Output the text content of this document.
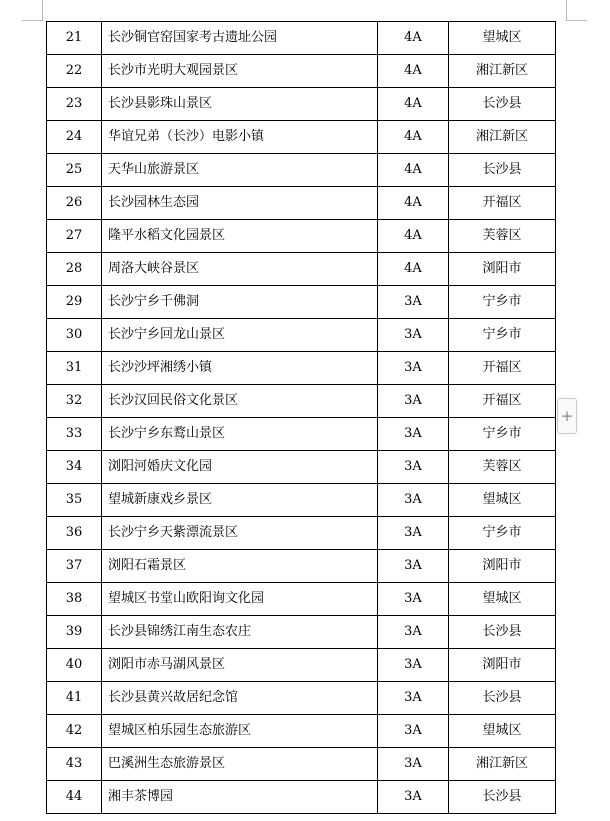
21	长沙铜官窑国家考古遗址公园	4A	望城区
22	长沙市光明大观园景区	4A	湘江新区
23	长沙县影珠山景区	4A	长沙县
24	华谊兄弟（长沙）电影小镇	4A	湘江新区
25	天华山旅游景区	4A	长沙县
26	长沙园林生态园	4A	开福区
27	隆平水稻文化园景区	4A	芙蓉区
28	周洛大峡谷景区	4A	浏阳市
29	长沙宁乡千佛洞	3A	宁乡市
30	长沙宁乡回龙山景区	3A	宁乡市
31	长沙沙坪湘绣小镇	3A	开福区
32	长沙汉回民俗文化景区	3A	开福区
33	长沙宁乡东鹜山景区	3A	宁乡市
34	浏阳河婚庆文化园	3A	芙蓉区
35	望城新康戏乡景区	3A	望城区
36	长沙宁乡天紫漂流景区	3A	宁乡市
37	浏阳石霜景区	3A	浏阳市
38	望城区书堂山欧阳询文化园	3A	望城区
39	长沙县锦绣江南生态农庄	3A	长沙县
40	浏阳市赤马湖风景区	3A	浏阳市
41	长沙县黄兴故居纪念馆	3A	长沙县
42	望城区柏乐园生态旅游区	3A	望城区
43	巴溪洲生态旅游景区	3A	湘江新区
44	湘丰茶博园	3A	长沙县
+
